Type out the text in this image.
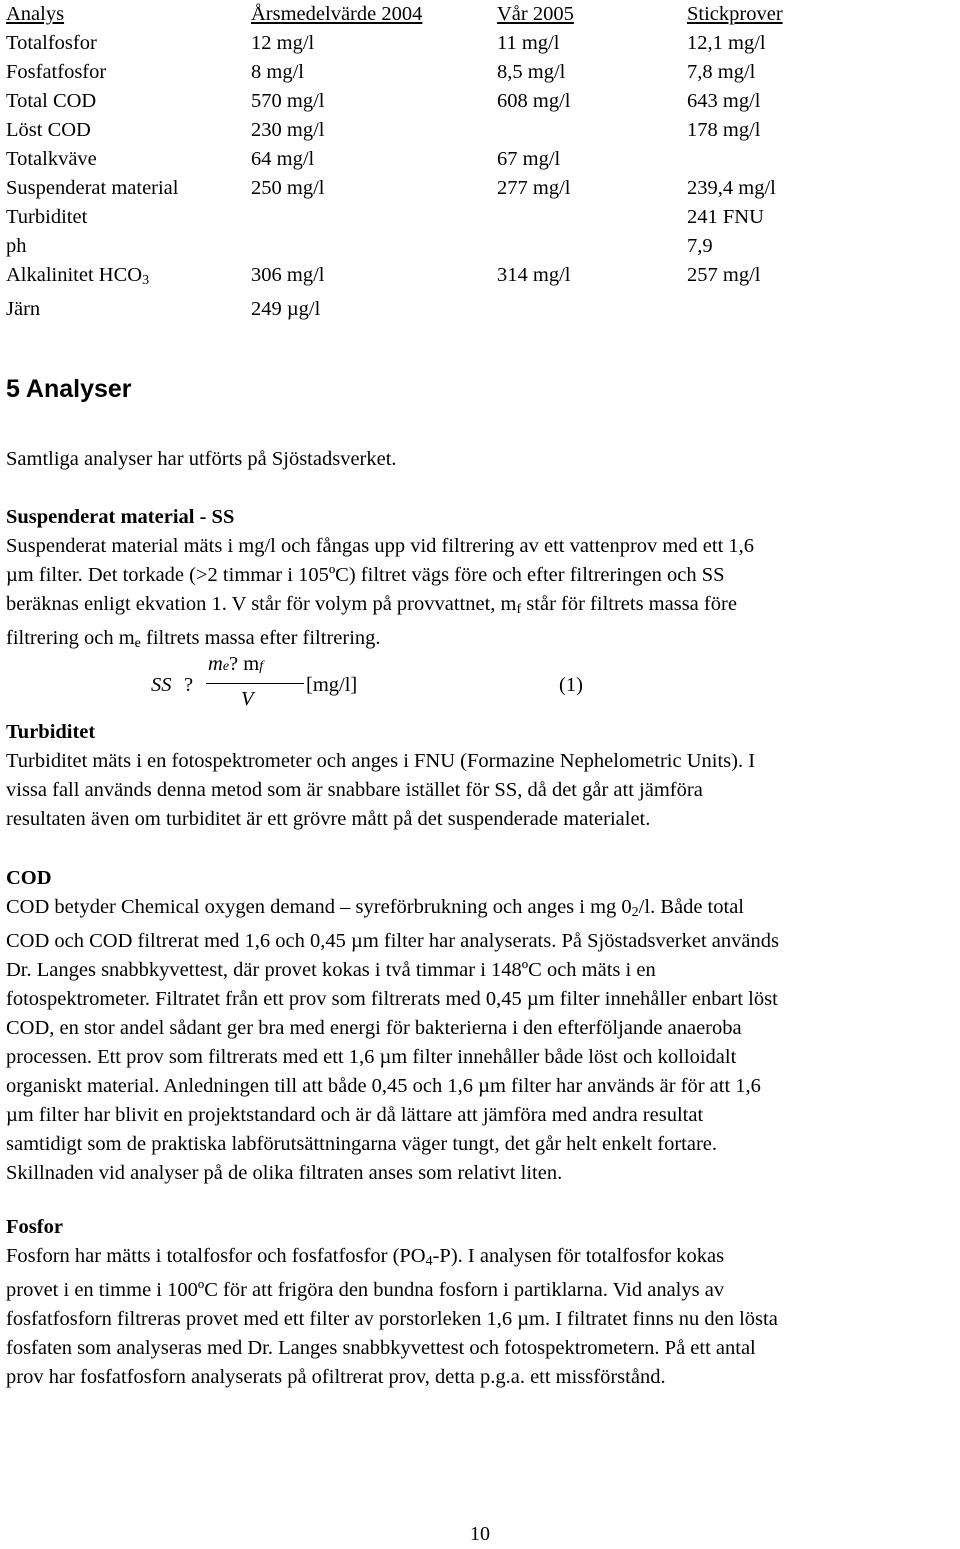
Analys	Årsmedelvärde 2004	Vår 2005	Stickprover
Totalfosfor	12 mg/l	11 mg/l	12,1 mg/l
Fosfatfosfor	8 mg/l	8,5 mg/l	7,8 mg/l
Total COD	570 mg/l	608 mg/l	643 mg/l
Löst COD	230 mg/l		178 mg/l
Totalkväve	64 mg/l	67 mg/l	
Suspenderat material	250 mg/l	277 mg/l	239,4 mg/l
Turbiditet			241 FNU
ph			7,9
Alkalinitet $HCO_3$	306 mg/l	314 mg/l	257 mg/l
Järn	249 µg/l		
5 Analyser

Samtliga analyser har utförts på Sjöstadsverket.

Suspenderat material - SS

Suspenderat material mäts i mg/l och fångas upp vid filtrering av ett vattenprov med ett 1,6

µm filter. Det torkade (>2 timmar i 105ºC) filtret vägs före och efter filtreringen och SS

beräknas enligt ekvation 1. V står för volym på provvattnet, $m_f$ står för filtrets massa före

filtrering och $m_e$ filtrets massa efter filtrering.

SS ?
me? mf
V
[mg/l]	(1)
Turbiditet

Turbiditet mäts i en fotospektrometer och anges i FNU (Formazine Nephelometric Units). I

vissa fall används denna metod som är snabbare istället för SS, då det går att jämföra

resultaten även om turbiditet är ett grövre mått på det suspenderade materialet.

COD

COD betyder Chemical oxygen demand – syreförbrukning och anges i mg $0_2/l$. Både total

COD och COD filtrerat med 1,6 och 0,45 µm filter har analyserats. På Sjöstadsverket används

Dr. Langes snabbkyvettest, där provet kokas i två timmar i 148ºC och mäts i en

fotospektrometer. Filtratet från ett prov som filtrerats med 0,45 µm filter innehåller enbart löst

COD, en stor andel sådant ger bra med energi för bakterierna i den efterföljande anaeroba

processen. Ett prov som filtrerats med ett 1,6 µm filter innehåller både löst och kolloidalt

organiskt material. Anledningen till att både 0,45 och 1,6 µm filter har används är för att 1,6

µm filter har blivit en projektstandard och är då lättare att jämföra med andra resultat

samtidigt som de praktiska labförutsättningarna väger tungt, det går helt enkelt fortare.

Skillnaden vid analyser på de olika filtraten anses som relativt liten.

Fosfor

Fosforn har mätts i totalfosfor och fosfatfosfor $(PO_4-P)$. I analysen för totalfosfor kokas

provet i en timme i 100ºC för att frigöra den bundna fosforn i partiklarna. Vid analys av

fosfatfosforn filtreras provet med ett filter av porstorleken 1,6 µm. I filtratet finns nu den lösta

fosfaten som analyseras med Dr. Langes snabbkyvettest och fotospektrometern. På ett antal

prov har fosfatfosforn analyserats på ofiltrerat prov, detta p.g.a. ett missförstånd.

10
